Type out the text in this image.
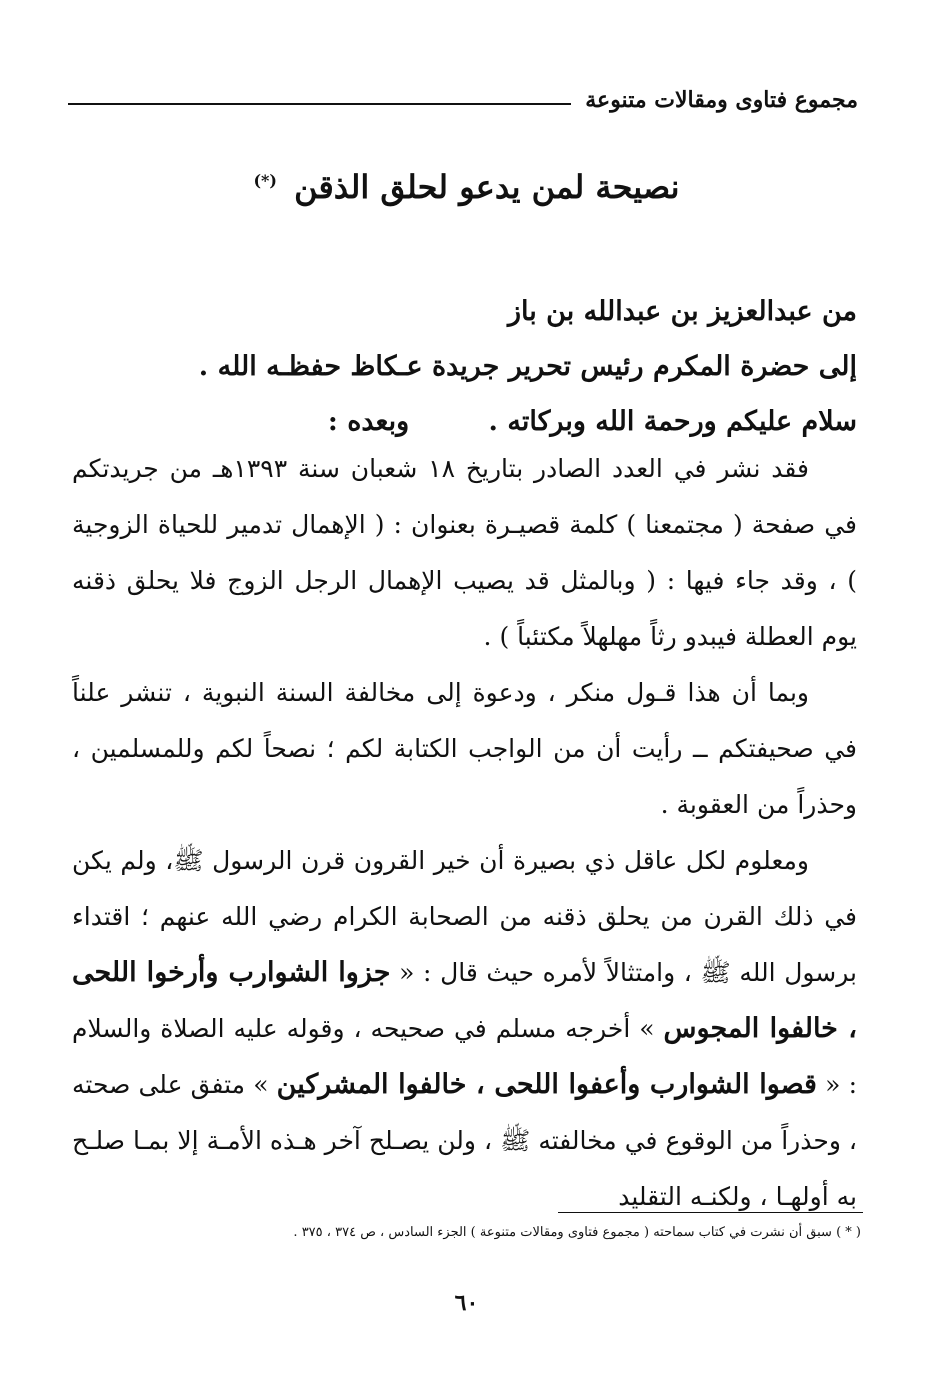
مجموع فتاوى ومقالات متنوعة
نصيحة لمن يدعو لحلق الذقن (*)
من عبدالعزيز بن عبدالله بن باز
إلى حضرة المكرم رئيس تحرير جريدة عـكاظ حفظـه الله .
سلام عليكم ورحمة الله وبركاته . وبعده :

فقد نشر في العدد الصادر بتاريخ ١٨ شعبان سنة ١٣٩٣هـ من جريدتكم في صفحة ( مجتمعنا ) كلمة قصيـرة بعنوان : ( الإهمال تدمير للحياة الزوجية ) ، وقد جاء فيها : ( وبالمثل قد يصيب الإهمال الرجل الزوج فلا يحلق ذقنه يوم العطلة فيبدو رثاً مهلهلاً مكتئباً ) .

وبما أن هذا قـول منكر ، ودعوة إلى مخالفة السنة النبوية ، تنشر علناً في صحيفتكم ــ رأيت أن من الواجب الكتابة لكم ؛ نصحاً لكم وللمسلمين ، وحذراً من العقوبة .

ومعلوم لكل عاقل ذي بصيرة أن خير القرون قرن الرسول ﷺ، ولم يكن في ذلك القرن من يحلق ذقنه من الصحابة الكرام رضي الله عنهم ؛ اقتداء برسول الله ﷺ ، وامتثالاً لأمره حيث قال : « جزوا الشوارب وأرخوا اللحى ، خالفوا المجوس » أخرجه مسلم في صحيحه ، وقوله عليه الصلاة والسلام : « قصوا الشوارب وأعفوا اللحى ، خالفوا المشركين » متفق على صحته ، وحذراً من الوقوع في مخالفته ﷺ ، ولن يصـلح آخر هـذه الأمـة إلا بمـا صلـح به أولهـا ، ولكنـه التقليد

( * ) سبق أن نشرت في كتاب سماحته ( مجموع فتاوى ومقالات متنوعة ) الجزء السادس ، ص ٣٧٤ ، ٣٧٥ .
٦٠
